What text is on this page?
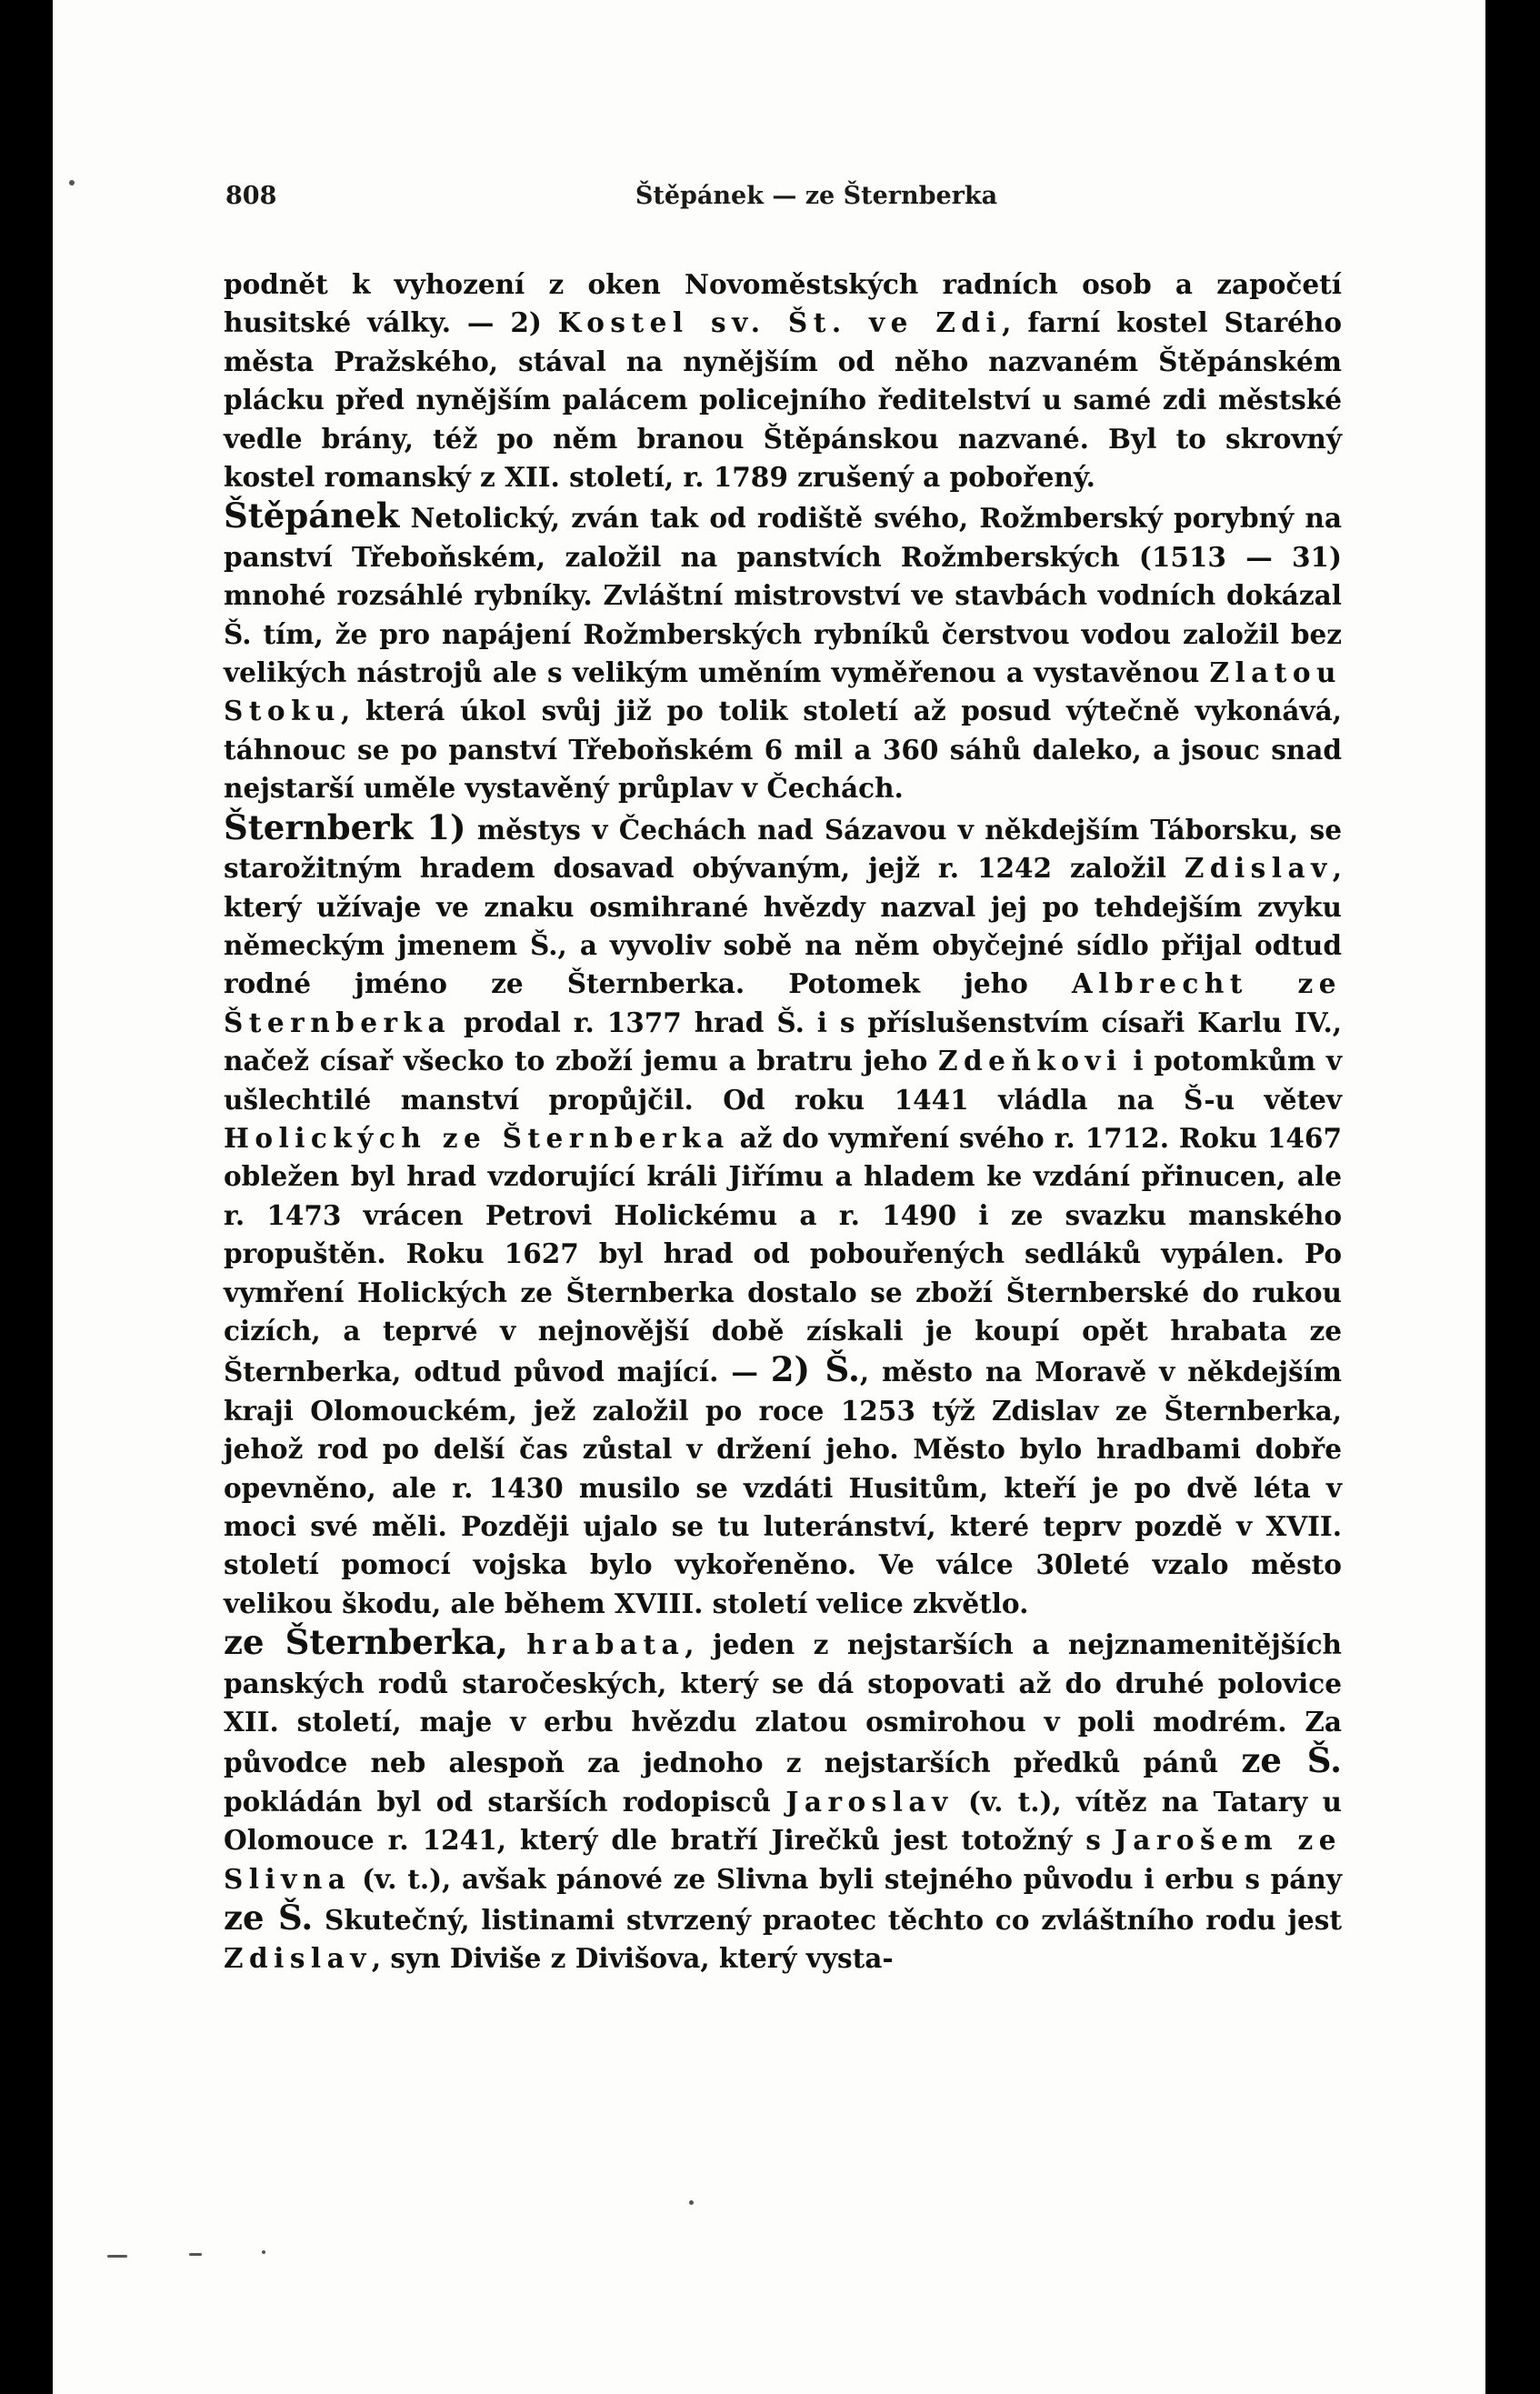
808	Štěpánek — ze Šternberka

podnět k vyhození z oken Novoměstských radních osob a započetí husitské války. — 2) Kostel sv. Št. ve Zdi, farní kostel Starého města Pražského, stával na nynějším od něho nazvaném Štěpánském plácku před nynějším palácem policejního ředitelství u samé zdi městské vedle brány, též po něm branou Štěpánskou nazvané. Byl to skrovný kostel romanský z XII. století, r. 1789 zrušený a pobořený.

Štěpánek Netolický, zván tak od rodiště svého, Rožmberský porybný na panství Třeboňském, založil na panstvích Rožmberských (1513 — 31) mnohé rozsáhlé rybníky. Zvláštní mistrovství ve stavbách vodních dokázal Š. tím, že pro napájení Rožmberských rybníků čerstvou vodou založil bez velikých nástrojů ale s velikým uměním vyměřenou a vystavěnou Zlatou Stoku, která úkol svůj již po tolik století až posud výtečně vykonává, táhnouc se po panství Třeboňském 6 mil a 360 sáhů daleko, a jsouc snad nejstarší uměle vystavěný průplav v Čechách.

Šternberk 1) městys v Čechách nad Sázavou v někdejším Táborsku, se starožitným hradem dosavad obývaným, jejž r. 1242 založil Zdislav, který užívaje ve znaku osmihrané hvězdy nazval jej po tehdejším zvyku německým jmenem Š., a vyvoliv sobě na něm obyčejné sídlo přijal odtud rodné jméno ze Šternberka. Potomek jeho Albrecht ze Šternberka prodal r. 1377 hrad Š. i s příslušenstvím císaři Karlu IV., načež císař všecko to zboží jemu a bratru jeho Zdeňkovi i potomkům v ušlechtilé manství propůjčil. Od roku 1441 vládla na Š-u větev Holických ze Šternberka až do vymření svého r. 1712. Roku 1467 obležen byl hrad vzdorující králi Jiřímu a hladem ke vzdání přinucen, ale r. 1473 vrácen Petrovi Holickému a r. 1490 i ze svazku manského propuštěn. Roku 1627 byl hrad od pobouřených sedláků vypálen. Po vymření Holických ze Šternberka dostalo se zboží Šternberské do rukou cizích, a teprvé v nejnovější době získali je koupí opět hrabata ze Šternberka, odtud původ mající. — 2) Š., město na Moravě v někdejším kraji Olomouckém, jež založil po roce 1253 týž Zdislav ze Šternberka, jehož rod po delší čas zůstal v držení jeho. Město bylo hradbami dobře opevněno, ale r. 1430 musilo se vzdáti Husitům, kteří je po dvě léta v moci své měli. Později ujalo se tu luteránství, které teprv pozdě v XVII. století pomocí vojska bylo vykořeněno. Ve válce 30leté vzalo město velikou škodu, ale během XVIII. století velice zkvětlo.

ze Šternberka, hrabata, jeden z nejstarších a nejznamenitějších panských rodů staročeských, který se dá stopovati až do druhé polovice XII. století, maje v erbu hvězdu zlatou osmirohou v poli modrém. Za původce neb alespoň za jednoho z nejstarších předků pánů ze Š. pokládán byl od starších rodopisců Jaroslav (v. t.), vítěz na Tatary u Olomouce r. 1241, který dle bratří Jirečků jest totožný s Jarošem ze Slivna (v. t.), avšak pánové ze Slivna byli stejného původu i erbu s pány ze Š. Skutečný, listinami stvrzený praotec těchto co zvláštního rodu jest Zdislav, syn Diviše z Divišova, který vysta-
